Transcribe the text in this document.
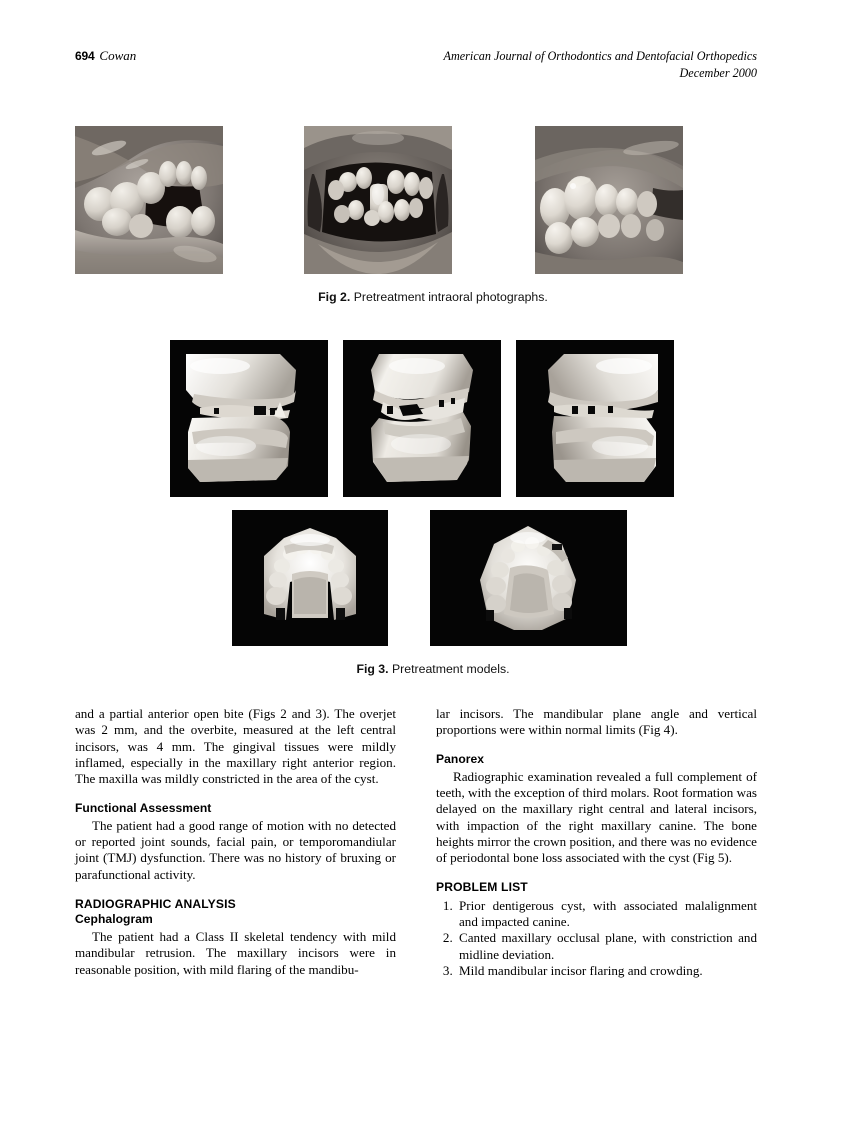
694 Cowan	American Journal of Orthodontics and Dentofacial Orthopedics
December 2000
Fig 2. Pretreatment intraoral photographs.
Fig 3. Pretreatment models.

and a partial anterior open bite (Figs 2 and 3). The overjet was 2 mm, and the overbite, measured at the left central incisors, was 4 mm. The gingival tissues were mildly inflamed, especially in the maxillary right anterior region. The maxilla was mildly constricted in the area of the cyst.

Functional Assessment

The patient had a good range of motion with no detected or reported joint sounds, facial pain, or temporomandiular joint (TMJ) dysfunction. There was no history of bruxing or parafunctional activity.

RADIOGRAPHIC ANALYSIS
Cephalogram

The patient had a Class II skeletal tendency with mild mandibular retrusion. The maxillary incisors were in reasonable position, with mild flaring of the mandibu-

lar incisors. The mandibular plane angle and vertical proportions were within normal limits (Fig 4).

Panorex

Radiographic examination revealed a full complement of teeth, with the exception of third molars. Root formation was delayed on the maxillary right central and lateral incisors, with impaction of the right maxillary canine. The bone heights mirror the crown position, and there was no evidence of periodontal bone loss associated with the cyst (Fig 5).

PROBLEM LIST
1. Prior dentigerous cyst, with associated malalignment and impacted canine.
2. Canted maxillary occlusal plane, with constriction and midline deviation.
3. Mild mandibular incisor flaring and crowding.
